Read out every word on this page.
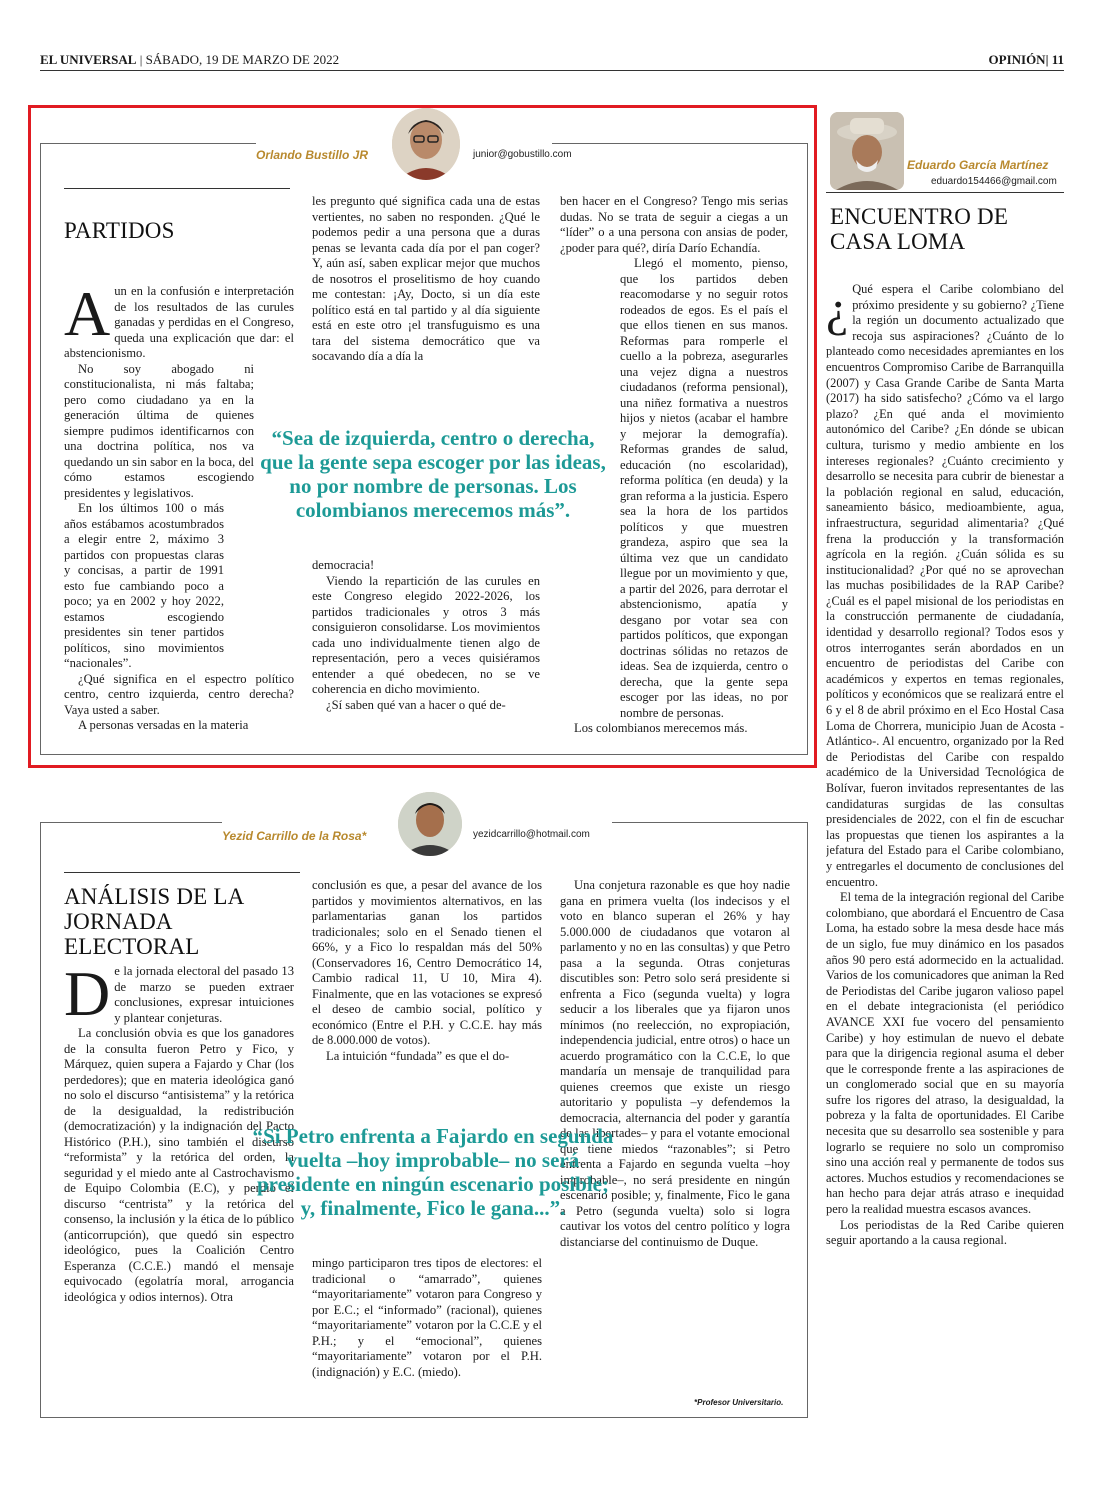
EL UNIVERSAL | SÁBADO, 19 DE MARZO DE 2022	OPINIÓN| 11
Orlando Bustillo JR	junior@gobustillo.com
PARTIDOS
A un en la confusión e interpretación de los resultados de las curules ganadas y perdidas en el Congreso, queda una explicación que dar: el abstencionismo.

No soy abogado ni constitucionalista, ni más faltaba; pero como ciudadano ya en la generación última de quienes siempre pudimos identificarnos con una doctrina política, nos va quedando un sin sabor en la boca, del cómo estamos escogiendo presidentes y legislativos.

En los últimos 100 o más años estábamos acostumbrados a elegir entre 2, máximo 3 partidos con propuestas claras y concisas, a partir de 1991 esto fue cambiando poco a poco; ya en 2002 y hoy 2022, estamos escogiendo presidentes sin tener partidos políticos, sino movimientos “nacionales”.

¿Qué significa en el espectro político centro, centro izquierda, centro derecha? Vaya usted a saber.

A personas versadas en la materia

les pregunto qué significa cada una de estas vertientes, no saben no responden. ¿Qué le podemos pedir a una persona que a duras penas se levanta cada día por el pan coger? Y, aún así, saben explicar mejor que muchos de nosotros el proselitismo de hoy cuando me contestan: ¡Ay, Docto, si un día este político está en tal partido y al día siguiente está en este otro ¡el transfuguismo es una tara del sistema democrático que va socavando día a día la

democracia!

Viendo la repartición de las curules en este Congreso elegido 2022-2026, los partidos tradicionales y otros 3 más consiguieron consolidarse. Los movimientos cada uno individualmente tienen algo de representación, pero a veces quisiéramos entender a qué obedecen, no se ve coherencia en dicho movimiento.

¿Sí saben qué van a hacer o qué de-

ben hacer en el Congreso? Tengo mis serias dudas. No se trata de seguir a ciegas a un “líder” o a una persona con ansias de poder, ¿poder para qué?, diría Darío Echandía.

Llegó el momento, pienso, que los partidos deben reacomodarse y no seguir rotos rodeados de egos. Es el país el que ellos tienen en sus manos. Reformas para romperle el cuello a la pobreza, asegurarles una vejez digna a nuestros ciudadanos (reforma pensional), una niñez formativa a nuestros hijos y nietos (acabar el hambre y mejorar la demografía). Reformas grandes de salud, educación (no escolaridad), reforma política (en deuda) y la gran reforma a la justicia. Espero sea la hora de los partidos políticos y que muestren grandeza, aspiro que sea la última vez que un candidato llegue por un movimiento y que, a partir del 2026, para derrotar el abstencionismo, apatía y desgano por votar sea con partidos políticos, que expongan doctrinas sólidas no retazos de ideas. Sea de izquierda, centro o derecha, que la gente sepa escoger por las ideas, no por nombre de personas.

Los colombianos merecemos más.

“Sea de izquierda, centro o derecha, que la gente sepa escoger por las ideas, no por nombre de personas. Los colombianos merecemos más”.
Yezid Carrillo de la Rosa*	yezidcarrillo@hotmail.com
ANÁLISIS DE LA JORNADA ELECTORAL
D e la jornada electoral del pasado 13 de marzo se pueden extraer conclusiones, expresar intuiciones y plantear conjeturas.

La conclusión obvia es que los ganadores de la consulta fueron Petro y Fico, y Márquez, quien supera a Fajardo y Char (los perdedores); que en materia ideológica ganó no solo el discurso “antisistema” y la retórica de la desigualdad, la redistribución (democratización) y la indignación del Pacto Histórico (P.H.), sino también el discurso “reformista” y la retórica del orden, la seguridad y el miedo ante al Castrochavismo de Equipo Colombia (E.C), y perdió el discurso “centrista” y la retórica del consenso, la inclusión y la ética de lo público (anticorrupción), que quedó sin espectro ideológico, pues la Coalición Centro Esperanza (C.C.E.) mandó el mensaje equivocado (egolatría moral, arrogancia ideológica y odios internos). Otra

conclusión es que, a pesar del avance de los partidos y movimientos alternativos, en las parlamentarias ganan los partidos tradicionales; solo en el Senado tienen el 66%, y a Fico lo respaldan más del 50% (Conservadores 16, Centro Democrático 14, Cambio radical 11, U 10, Mira 4). Finalmente, que en las votaciones se expresó el deseo de cambio social, político y económico (Entre el P.H. y C.C.E. hay más de 8.000.000 de votos).

La intuición “fundada” es que el do-

mingo participaron tres tipos de electores: el tradicional o “amarrado”, quienes “mayoritariamente” votaron para Congreso y por E.C.; el “informado” (racional), quienes “mayoritariamente” votaron por la C.C.E y el P.H.; y el “emocional”, quienes “mayoritariamente” votaron por el P.H. (indignación) y E.C. (miedo).

Una conjetura razonable es que hoy nadie gana en primera vuelta (los indecisos y el voto en blanco superan el 26% y hay 5.000.000 de ciudadanos que votaron al parlamento y no en las consultas) y que Petro pasa a la segunda. Otras conjeturas discutibles son: Petro solo será presidente si enfrenta a Fico (segunda vuelta) y logra seducir a los liberales que ya fijaron unos mínimos (no reelección, no expropiación, independencia judicial, entre otros) o hace un acuerdo programático con la C.C.E, lo que mandaría un mensaje de tranquilidad para quienes creemos que existe un riesgo autoritario y populista –y defendemos la democracia, alternancia del poder y garantía de las libertades– y para el votante emocional que tiene miedos “razonables”; si Petro enfrenta a Fajardo en segunda vuelta –hoy improbable–, no será presidente en ningún escenario posible; y, finalmente, Fico le gana a Petro (segunda vuelta) solo si logra cautivar los votos del centro político y logra distanciarse del continuismo de Duque.

“Si Petro enfrenta a Fajardo en segunda vuelta –hoy improbable– no será presidente en ningún escenario posible; y, finalmente, Fico le gana...”.
*Profesor Universitario.
Eduardo García Martínez
eduardo154466@gmail.com
ENCUENTRO DE CASA LOMA
¿ Qué espera el Caribe colombiano del próximo presidente y su gobierno? ¿Tiene la región un documento actualizado que recoja sus aspiraciones? ¿Cuánto de lo planteado como necesidades apremiantes en los encuentros Compromiso Caribe de Barranquilla (2007) y Casa Grande Caribe de Santa Marta (2017) ha sido satisfecho? ¿Cómo va el largo plazo? ¿En qué anda el movimiento autonómico del Caribe? ¿En dónde se ubican cultura, turismo y medio ambiente en los intereses regionales? ¿Cuánto crecimiento y desarrollo se necesita para cubrir de bienestar a la población regional en salud, educación, saneamiento básico, medioambiente, agua, infraestructura, seguridad alimentaria? ¿Qué frena la producción y la transformación agrícola en la región. ¿Cuán sólida es su institucionalidad? ¿Por qué no se aprovechan las muchas posibilidades de la RAP Caribe? ¿Cuál es el papel misional de los periodistas en la construcción permanente de ciudadanía, identidad y desarrollo regional? Todos esos y otros interrogantes serán abordados en un encuentro de periodistas del Caribe con académicos y expertos en temas regionales, políticos y económicos que se realizará entre el 6 y el 8 de abril próximo en el Eco Hostal Casa Loma de Chorrera, municipio Juan de Acosta -Atlántico-. Al encuentro, organizado por la Red de Periodistas del Caribe con respaldo académico de la Universidad Tecnológica de Bolívar, fueron invitados representantes de las candidaturas surgidas de las consultas presidenciales de 2022, con el fin de escuchar las propuestas que tienen los aspirantes a la jefatura del Estado para el Caribe colombiano, y entregarles el documento de conclusiones del encuentro.

El tema de la integración regional del Caribe colombiano, que abordará el Encuentro de Casa Loma, ha estado sobre la mesa desde hace más de un siglo, fue muy dinámico en los pasados años 90 pero está adormecido en la actualidad. Varios de los comunicadores que animan la Red de Periodistas del Caribe jugaron valioso papel en el debate integracionista (el periódico AVANCE XXI fue vocero del pensamiento Caribe) y hoy estimulan de nuevo el debate para que la dirigencia regional asuma el deber que le corresponde frente a las aspiraciones de un conglomerado social que en su mayoría sufre los rigores del atraso, la desigualdad, la pobreza y la falta de oportunidades. El Caribe necesita que su desarrollo sea sostenible y para lograrlo se requiere no solo un compromiso sino una acción real y permanente de todos sus actores. Muchos estudios y recomendaciones se han hecho para dejar atrás atraso e inequidad pero la realidad muestra escasos avances.

Los periodistas de la Red Caribe quieren seguir aportando a la causa regional.
